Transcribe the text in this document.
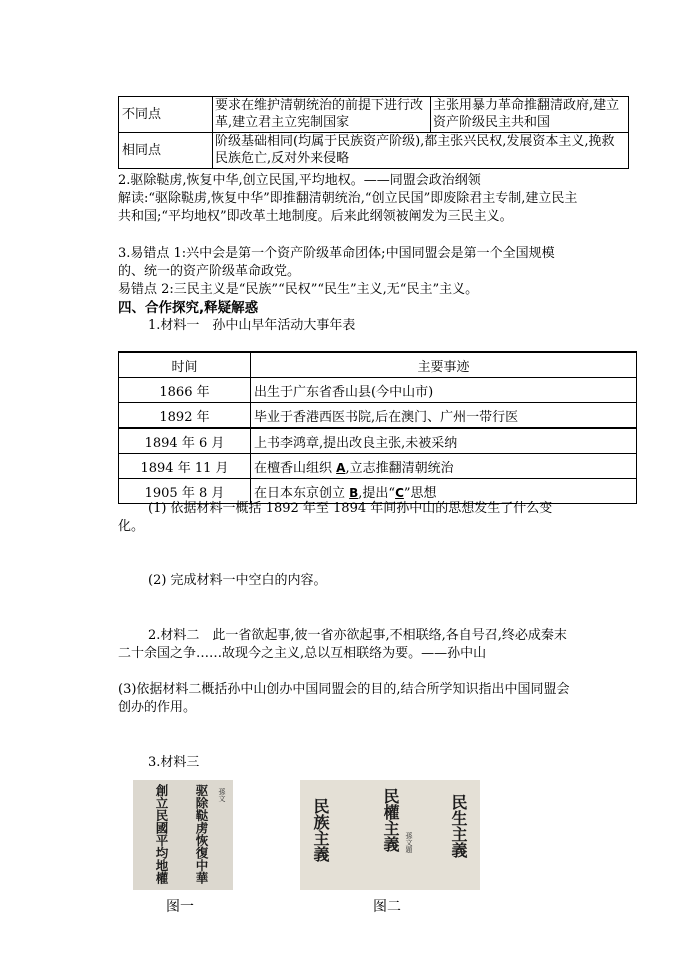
不同点	要求在维护清朝统治的前提下进行改革,建立君主立宪制国家	主张用暴力革命推翻清政府,建立资产阶级民主共和国
相同点	阶级基础相同(均属于民族资产阶级),都主张兴民权,发展资本主义,挽救民族危亡,反对外来侵略	

2.驱除鞑虏,恢复中华,创立民国,平均地权。——同盟会政治纲领

解读:“驱除鞑虏,恢复中华”即推翻清朝统治,“创立民国”即废除君主专制,建立民主共和国;“平均地权”即改革土地制度。后来此纲领被阐发为三民主义。

3.易错点 1:兴中会是第一个资产阶级革命团体;中国同盟会是第一个全国规模的、统一的资产阶级革命政党。

易错点 2:三民主义是“民族”“民权”“民生”主义,无“民主”主义。

四、合作探究,释疑解惑

1.材料一　孙中山早年活动大事年表

时间	主要事迹
1866 年	出生于广东省香山县(今中山市)
1892 年	毕业于香港西医书院,后在澳门、广州一带行医
1894 年 6 月	上书李鸿章,提出改良主张,未被采纳
1894 年 11 月	在檀香山组织 A,立志推翻清朝统治
1905 年 8 月	在日本东京创立 B,提出“C”思想

(1) 依据材料一概括 1892 年至 1894 年间孙中山的思想发生了什么变化。

(2) 完成材料一中空白的内容。

2.材料二　此一省欲起事,彼一省亦欲起事,不相联络,各自号召,终必成秦末二十余国之争……故现今之主义,总以互相联络为要。——孙中山

(3)依据材料二概括孙中山创办中国同盟会的目的,结合所学知识指出中国同盟会创办的作用。

3.材料三

驱除鞑虏恢復中華
創立民國平均地權	孫文
图一
民族主義	民權主義	民生主義
孫文題
图二
